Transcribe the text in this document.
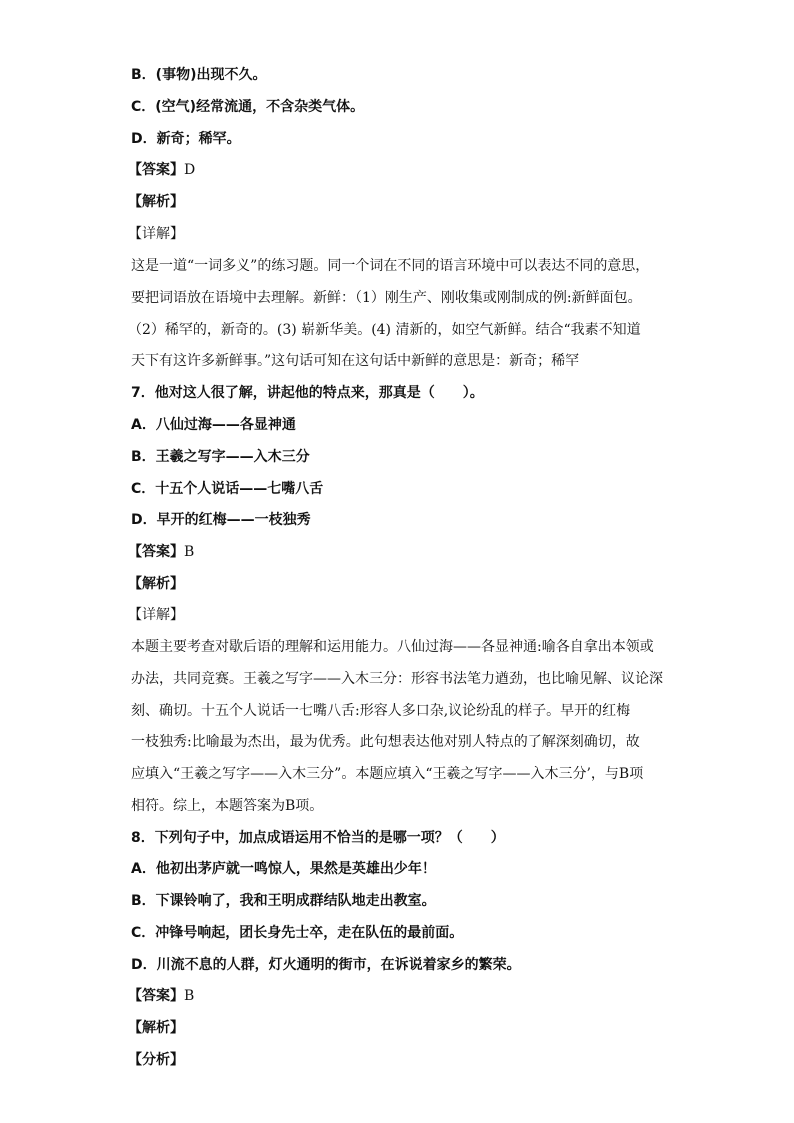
B．(事物)出现不久。
C．(空气)经常流通，不含杂类气体。
D．新奇；稀罕。
【答案】D
【解析】
【详解】
这是一道“一词多义”的练习题。同一个词在不同的语言环境中可以表达不同的意思，
要把词语放在语境中去理解。新鲜：（1）刚生产、刚收集或刚制成的例:新鲜面包。
（2）稀罕的，新奇的。(3) 崭新华美。(4) 清新的，如空气新鲜。结合“我素不知道
天下有这许多新鲜事。”这句话可知在这句话中新鲜的意思是：新奇；稀罕
7．他对这人很了解，讲起他的特点来，那真是（　　）。
A．八仙过海——各显神通
B．王羲之写字——入木三分
C．十五个人说话——七嘴八舌
D．早开的红梅——一枝独秀
【答案】B
【解析】
【详解】
本题主要考查对歇后语的理解和运用能力。八仙过海——各显神通:喻各自拿出本领或
办法，共同竞赛。王羲之写字——入木三分：形容书法笔力遒劲，也比喻见解、议论深
刻、确切。十五个人说话一七嘴八舌:形容人多口杂,议论纷乱的样子。早开的红梅
一枝独秀:比喻最为杰出，最为优秀。此句想表达他对别人特点的了解深刻确切，故
应填入“王羲之写字——入木三分”。本题应填入“王羲之写字——入木三分’，与B项
相符。综上，本题答案为B项。
8．下列句子中，加点成语运用不恰当的是哪一项？（　　）
A．他初出茅庐就一鸣惊人，果然是英雄出少年！
B．下课铃响了，我和王明成群结队地走出教室。
C．冲锋号响起，团长身先士卒，走在队伍的最前面。
D．川流不息的人群，灯火通明的街市，在诉说着家乡的繁荣。
【答案】B
【解析】
【分析】
